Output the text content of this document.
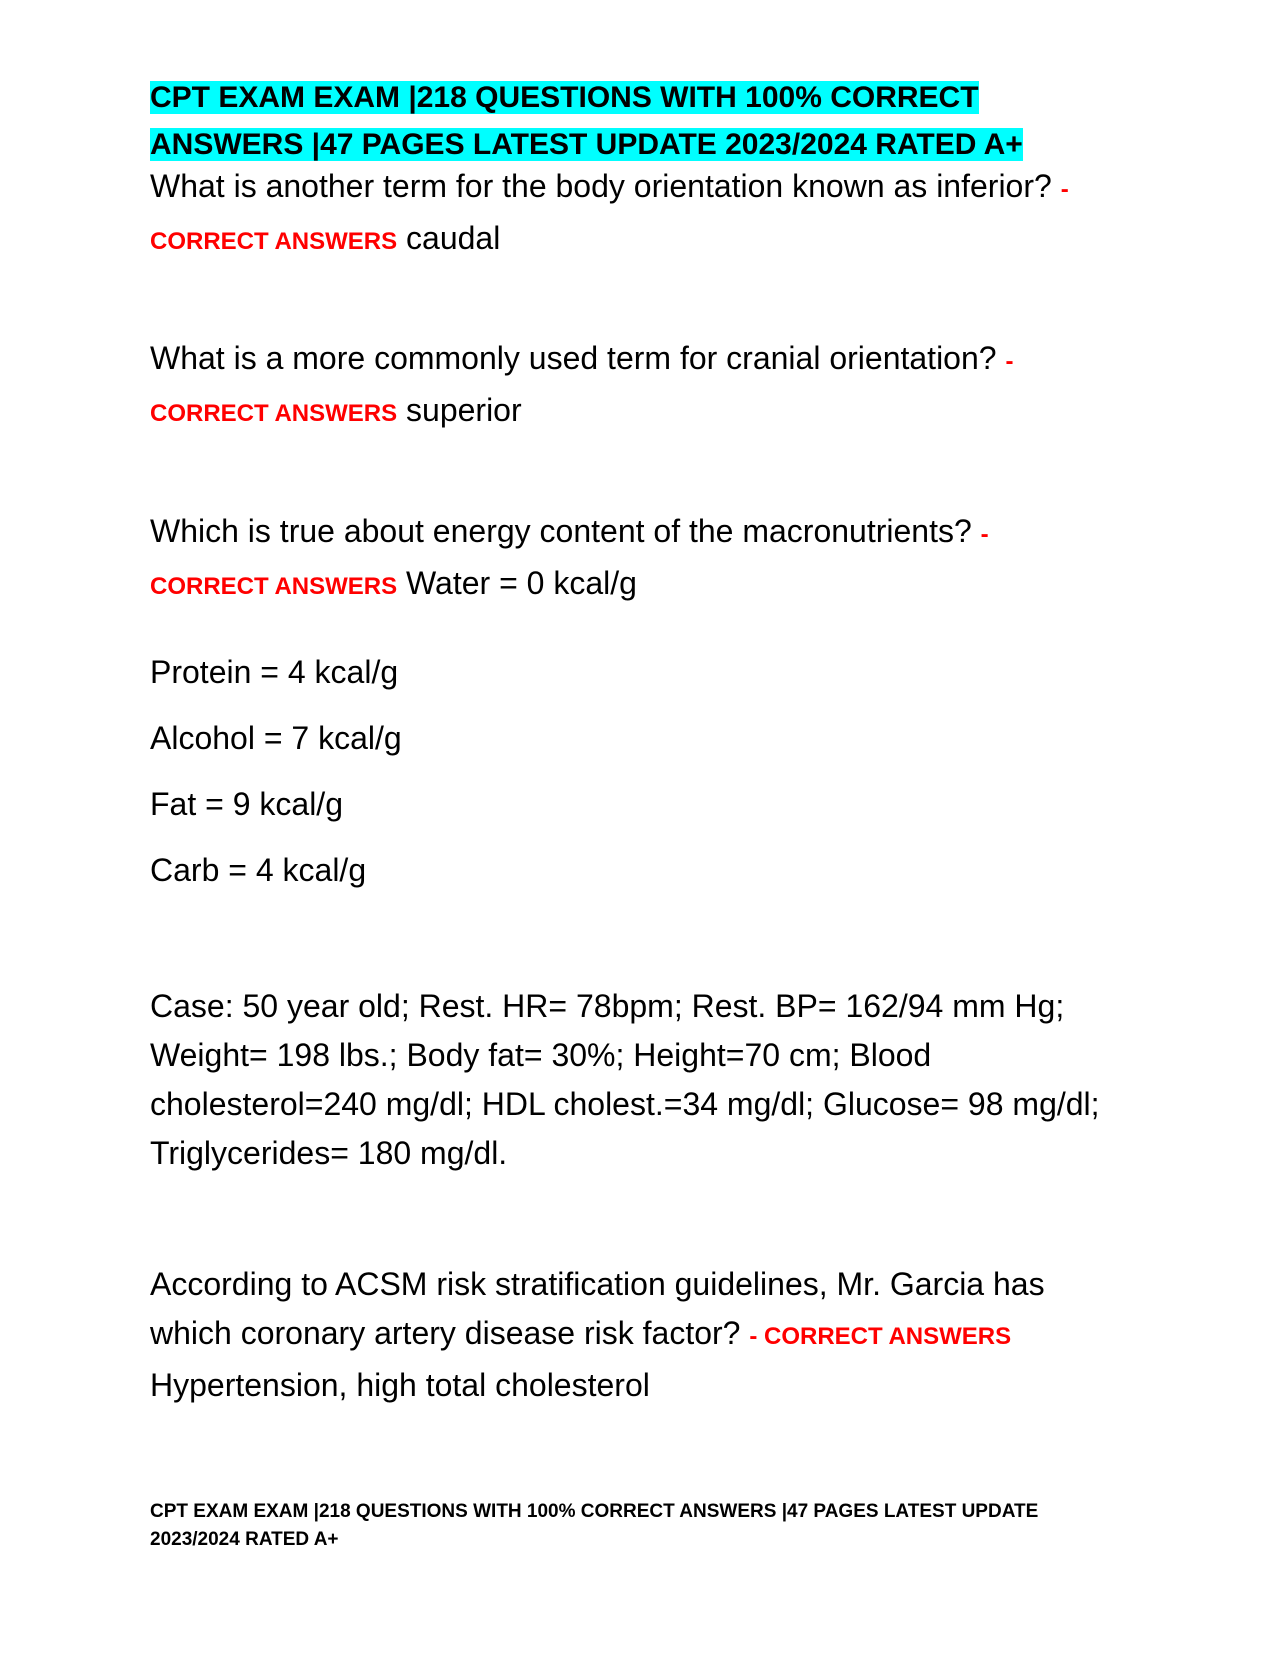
CPT EXAM EXAM |218 QUESTIONS WITH 100% CORRECT ANSWERS |47 PAGES LATEST UPDATE 2023/2024 RATED A+

What is another term for the body orientation known as inferior? - CORRECT ANSWERS caudal

What is a more commonly used term for cranial orientation? -
CORRECT ANSWERS superior

Which is true about energy content of the macronutrients? -
CORRECT ANSWERS Water = 0 kcal/g

Protein = 4 kcal/g

Alcohol = 7 kcal/g

Fat = 9 kcal/g

Carb = 4 kcal/g

Case: 50 year old; Rest. HR= 78bpm; Rest. BP= 162/94 mm Hg; Weight= 198 lbs.; Body fat= 30%; Height=70 cm; Blood cholesterol=240 mg/dl; HDL cholest.=34 mg/dl; Glucose= 98 mg/dl; Triglycerides= 180 mg/dl.

According to ACSM risk stratification guidelines, Mr. Garcia has which coronary artery disease risk factor? - CORRECT ANSWERS
Hypertension, high total cholesterol

CPT EXAM EXAM |218 QUESTIONS WITH 100% CORRECT ANSWERS |47 PAGES LATEST UPDATE 2023/2024 RATED A+
